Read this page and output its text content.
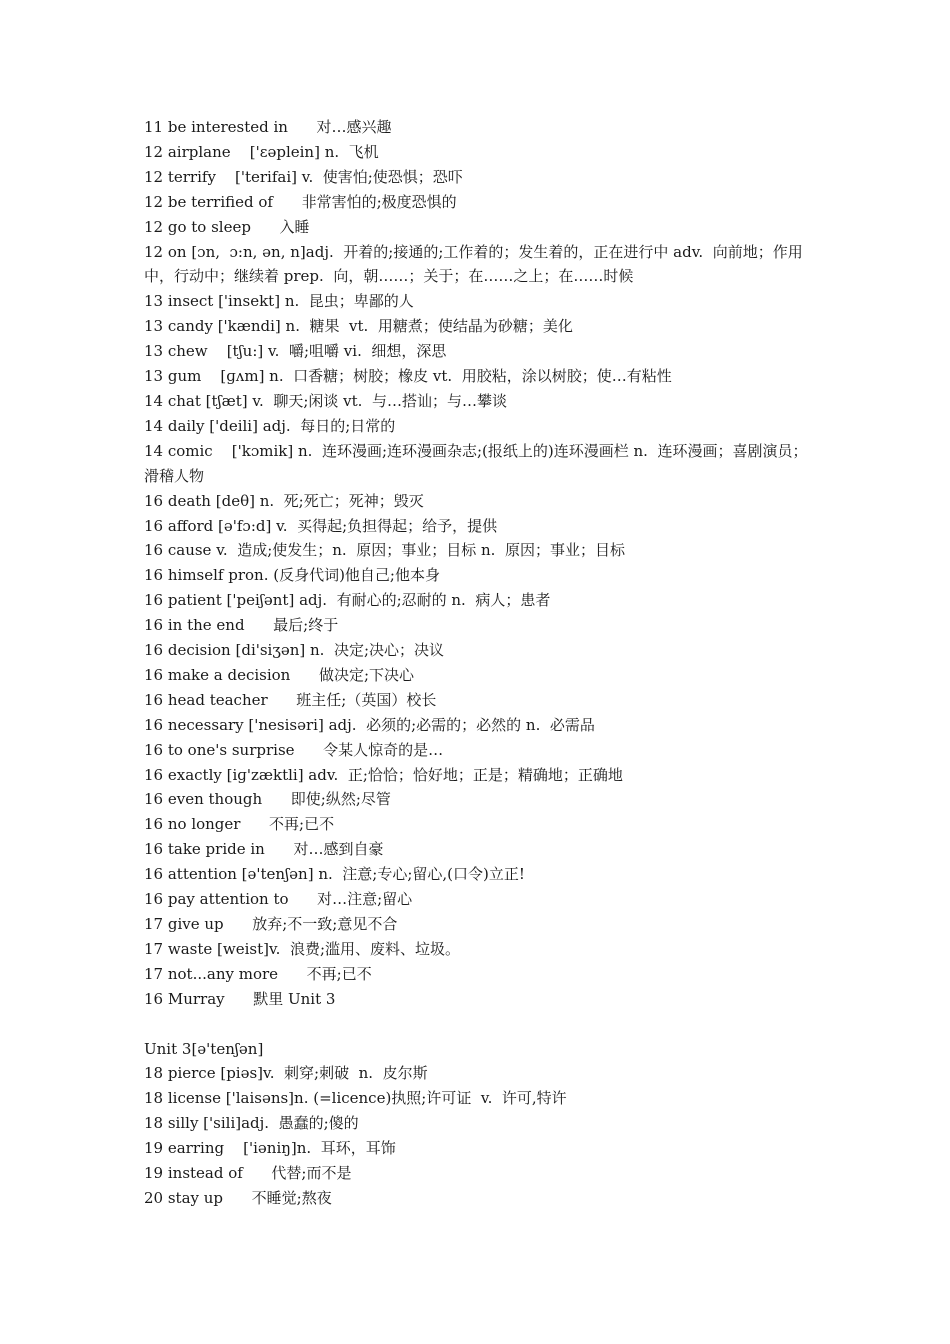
11 be interested in      对…感兴趣

12 airplane    ['ɛəplein] n.  飞机

12 terrify    ['terifai] v.  使害怕;使恐惧；恐吓

12 be terrified of      非常害怕的;极度恐惧的

12 go to sleep      入睡

12 on [ɔn,  ɔ:n, ən, n]adj.  开着的;接通的;工作着的；发生着的，正在进行中 adv.  向前地；作用中，行动中；继续着 prep.  向，朝……；关于；在……之上；在……时候

13 insect ['insekt] n.  昆虫；卑鄙的人

13 candy ['kændi] n.  糖果  vt.  用糖煮；使结晶为砂糖；美化

13 chew    [tʃu:] v.  嚼;咀嚼 vi.  细想，深思

13 gum    [ɡʌm] n.  口香糖；树胶；橡皮 vt.  用胶粘，涂以树胶；使…有粘性

14 chat [tʃæt] v.  聊天;闲谈 vt.  与…搭讪；与…攀谈

14 daily ['deili] adj.  每日的;日常的

14 comic    ['kɔmik] n.  连环漫画;连环漫画杂志;(报纸上的)连环漫画栏 n.  连环漫画；喜剧演员；滑稽人物

16 death [deθ] n.  死;死亡；死神；毁灭

16 afford [ə'fɔ:d] v.  买得起;负担得起；给予，提供

16 cause v.  造成;使发生；n.  原因；事业；目标 n.  原因；事业；目标

16 himself pron. (反身代词)他自己;他本身

16 patient ['peiʃənt] adj.  有耐心的;忍耐的 n.  病人；患者

16 in the end      最后;终于

16 decision [di'siʒən] n.  决定;决心；决议

16 make a decision      做决定;下决心

16 head teacher      班主任;（英国）校长

16 necessary ['nesisəri] adj.  必须的;必需的；必然的 n.  必需品

16 to one's surprise      令某人惊奇的是…

16 exactly [iɡ'zæktli] adv.  正;恰恰；恰好地；正是；精确地；正确地

16 even though      即使;纵然;尽管

16 no longer      不再;已不

16 take pride in      对…感到自豪

16 attention [ə'tenʃən] n.  注意;专心;留心,(口令)立正!

16 pay attention to      对…注意;留心

17 give up      放弃;不一致;意见不合

17 waste [weist]v.  浪费;滥用、废料、垃圾。

17 not...any more      不再;已不

16 Murray      默里 Unit 3

Unit 3[ə'tenʃən]

18 pierce [piəs]v.  刺穿;刺破  n.  皮尔斯

18 license ['laisəns]n. (=licence)执照;许可证  v.  许可,特许

18 silly ['sili]adj.  愚蠢的;傻的

19 earring    ['iəniŋ]n.  耳环，耳饰

19 instead of      代替;而不是

20 stay up      不睡觉;熬夜
